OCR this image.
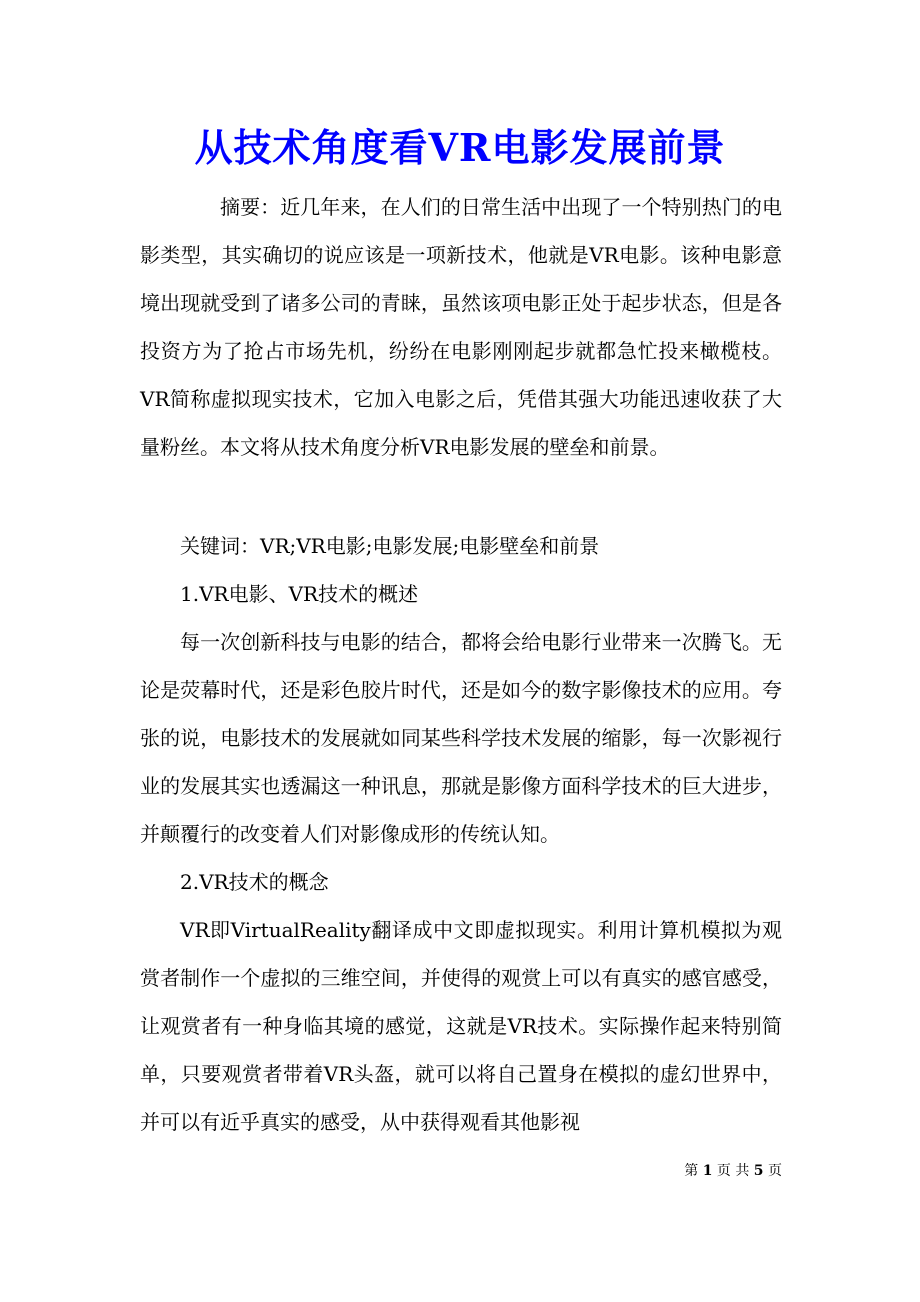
从技术角度看VR电影发展前景

摘要：近几年来，在人们的日常生活中出现了一个特别热门的电影类型，其实确切的说应该是一项新技术，他就是VR电影。该种电影意境出现就受到了诸多公司的青睐，虽然该项电影正处于起步状态，但是各投资方为了抢占市场先机，纷纷在电影刚刚起步就都急忙投来橄榄枝。VR简称虚拟现实技术，它加入电影之后，凭借其强大功能迅速收获了大量粉丝。本文将从技术角度分析VR电影发展的壁垒和前景。

关键词：VR;VR电影;电影发展;电影壁垒和前景

1.VR电影、VR技术的概述

每一次创新科技与电影的结合，都将会给电影行业带来一次腾飞。无论是荧幕时代，还是彩色胶片时代，还是如今的数字影像技术的应用。夸张的说，电影技术的发展就如同某些科学技术发展的缩影，每一次影视行业的发展其实也透漏这一种讯息，那就是影像方面科学技术的巨大进步，并颠覆行的改变着人们对影像成形的传统认知。

2.VR技术的概念

VR即VirtualReality翻译成中文即虚拟现实。利用计算机模拟为观赏者制作一个虚拟的三维空间，并使得的观赏上可以有真实的感官感受，让观赏者有一种身临其境的感觉，这就是VR技术。实际操作起来特别简单，只要观赏者带着VR头盔，就可以将自己置身在模拟的虚幻世界中，并可以有近乎真实的感受，从中获得观看其他影视

第 1 页 共 5 页
